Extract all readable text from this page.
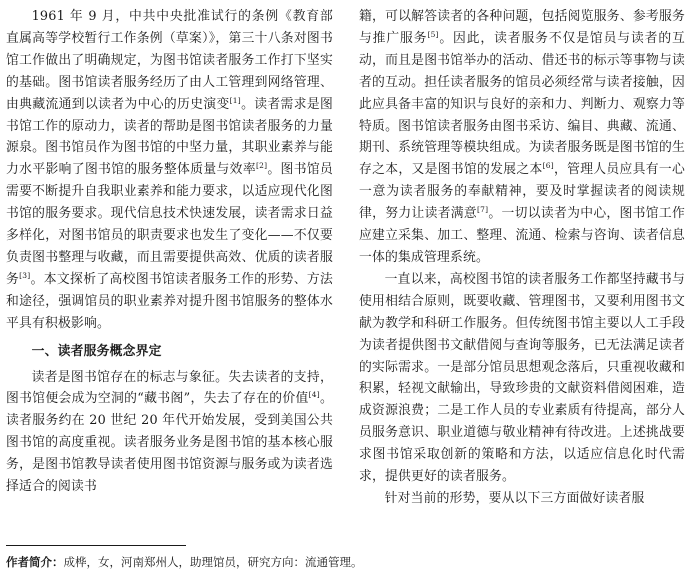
1961 年 9 月，中共中央批准试行的条例《教育部直属高等学校暂行工作条例（草案）》，第三十八条对图书馆工作做出了明确规定，为图书馆读者服务工作打下坚实的基础。图书馆读者服务经历了由人工管理到网络管理、由典藏流通到以读者为中心的历史演变[1]。读者需求是图书馆工作的原动力，读者的帮助是图书馆读者服务的力量源泉。图书馆员作为图书馆的中坚力量，其职业素养与能力水平影响了图书馆的服务整体质量与效率[2]。图书馆员需要不断提升自我职业素养和能力要求，以适应现代化图书馆的服务要求。现代信息技术快速发展，读者需求日益多样化，对图书馆员的职责要求也发生了变化——不仅要负责图书整理与收藏，而且需要提供高效、优质的读者服务[3]。本文探析了高校图书馆读者服务工作的形势、方法和途径，强调馆员的职业素养对提升图书馆服务的整体水平具有积极影响。

一、读者服务概念界定

读者是图书馆存在的标志与象征。失去读者的支持，图书馆便会成为空洞的“藏书阁”，失去了存在的价值[4]。读者服务约在 20 世纪 20 年代开始发展，受到美国公共图书馆的高度重视。读者服务业务是图书馆的基本核心服务，是图书馆教导读者使用图书馆资源与服务或为读者选择适合的阅读书

籍，可以解答读者的各种问题，包括阅览服务、参考服务与推广服务[5]。因此，读者服务不仅是馆员与读者的互动，而且是图书馆举办的活动、借还书的标示等事物与读者的互动。担任读者服务的馆员必须经常与读者接触，因此应具备丰富的知识与良好的亲和力、判断力、观察力等特质。图书馆读者服务由图书采访、编目、典藏、流通、期刊、系统管理等模块组成。为读者服务既是图书馆的生存之本，又是图书馆的发展之本[6]，管理人员应具有一心一意为读者服务的奉献精神，要及时掌握读者的阅读规律，努力让读者满意[7]。一切以读者为中心，图书馆工作应建立采集、加工、整理、流通、检索与咨询、读者信息一体的集成管理系统。

一直以来，高校图书馆的读者服务工作都坚持藏书与使用相结合原则，既要收藏、管理图书，又要利用图书文献为教学和科研工作服务。但传统图书馆主要以人工手段为读者提供图书文献借阅与查询等服务，已无法满足读者的实际需求。一是部分馆员思想观念落后，只重视收藏和积累，轻视文献输出，导致珍贵的文献资料借阅困难，造成资源浪费；二是工作人员的专业素质有待提高，部分人员服务意识、职业道德与敬业精神有待改进。上述挑战要求图书馆采取创新的策略和方法，以适应信息化时代需求，提供更好的读者服务。

针对当前的形势，要从以下三方面做好读者服

作者简介：成桦，女，河南郑州人，助理馆员，研究方向：流通管理。
